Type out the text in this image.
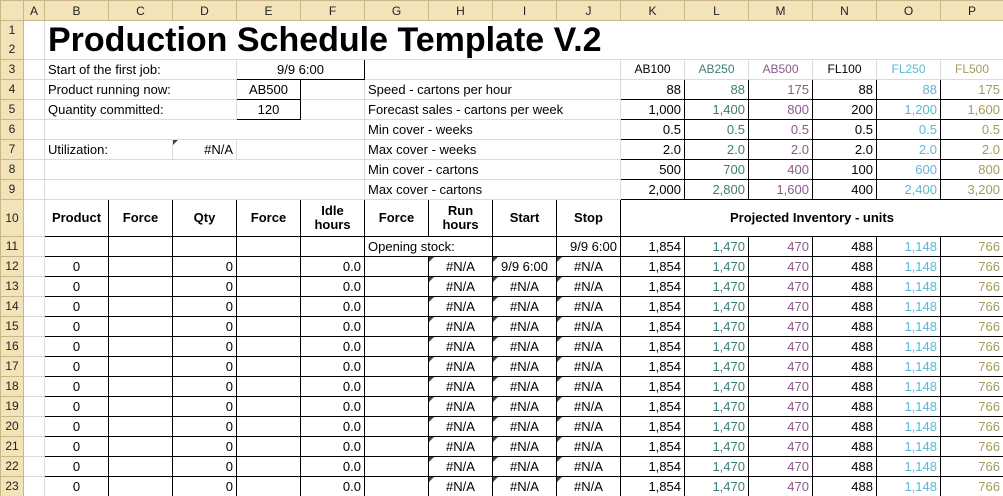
	A	B	C	D	E	F	G	H	I	J	K	L	M	N	O	P

1
2		Production Schedule Template V.2														

3		Start of the first job:			9/9 6:00						AB100	AB250	AB500	FL100	FL250	FL500
4		Product running now:			AB500		Speed - cartons per hour				88	88	175	88	88	175
5		Quantity committed:			120		Forecast sales - cartons per week				1,000	1,400	800	200	1,200	1,600
6							Min cover - weeks				0.5	0.5	0.5	0.5	0.5	0.5
7		Utilization:		#N/A			Max cover - weeks				2.0	2.0	2.0	2.0	2.0	2.0
8							Min cover - cartons				500	700	400	100	600	800
9							Max cover - cartons				2,000	2,800	1,600	400	2,400	3,200
10		Product	Force	Qty	Force	Idle hours	Force	Run hours	Start	Stop	Projected Inventory - units					
11							Opening stock:			9/9 6:00	1,854	1,470	470	488	1,148	766
12		0		0		0.0		#N/A	9/9 6:00	#N/A	1,854	1,470	470	488	1,148	766
13		0		0		0.0		#N/A	#N/A	#N/A	1,854	1,470	470	488	1,148	766
14		0		0		0.0		#N/A	#N/A	#N/A	1,854	1,470	470	488	1,148	766
15		0		0		0.0		#N/A	#N/A	#N/A	1,854	1,470	470	488	1,148	766
16		0		0		0.0		#N/A	#N/A	#N/A	1,854	1,470	470	488	1,148	766
17		0		0		0.0		#N/A	#N/A	#N/A	1,854	1,470	470	488	1,148	766
18		0		0		0.0		#N/A	#N/A	#N/A	1,854	1,470	470	488	1,148	766
19		0		0		0.0		#N/A	#N/A	#N/A	1,854	1,470	470	488	1,148	766
20		0		0		0.0		#N/A	#N/A	#N/A	1,854	1,470	470	488	1,148	766
21		0		0		0.0		#N/A	#N/A	#N/A	1,854	1,470	470	488	1,148	766
22		0		0		0.0		#N/A	#N/A	#N/A	1,854	1,470	470	488	1,148	766
23		0		0		0.0		#N/A	#N/A	#N/A	1,854	1,470	470	488	1,148	766
